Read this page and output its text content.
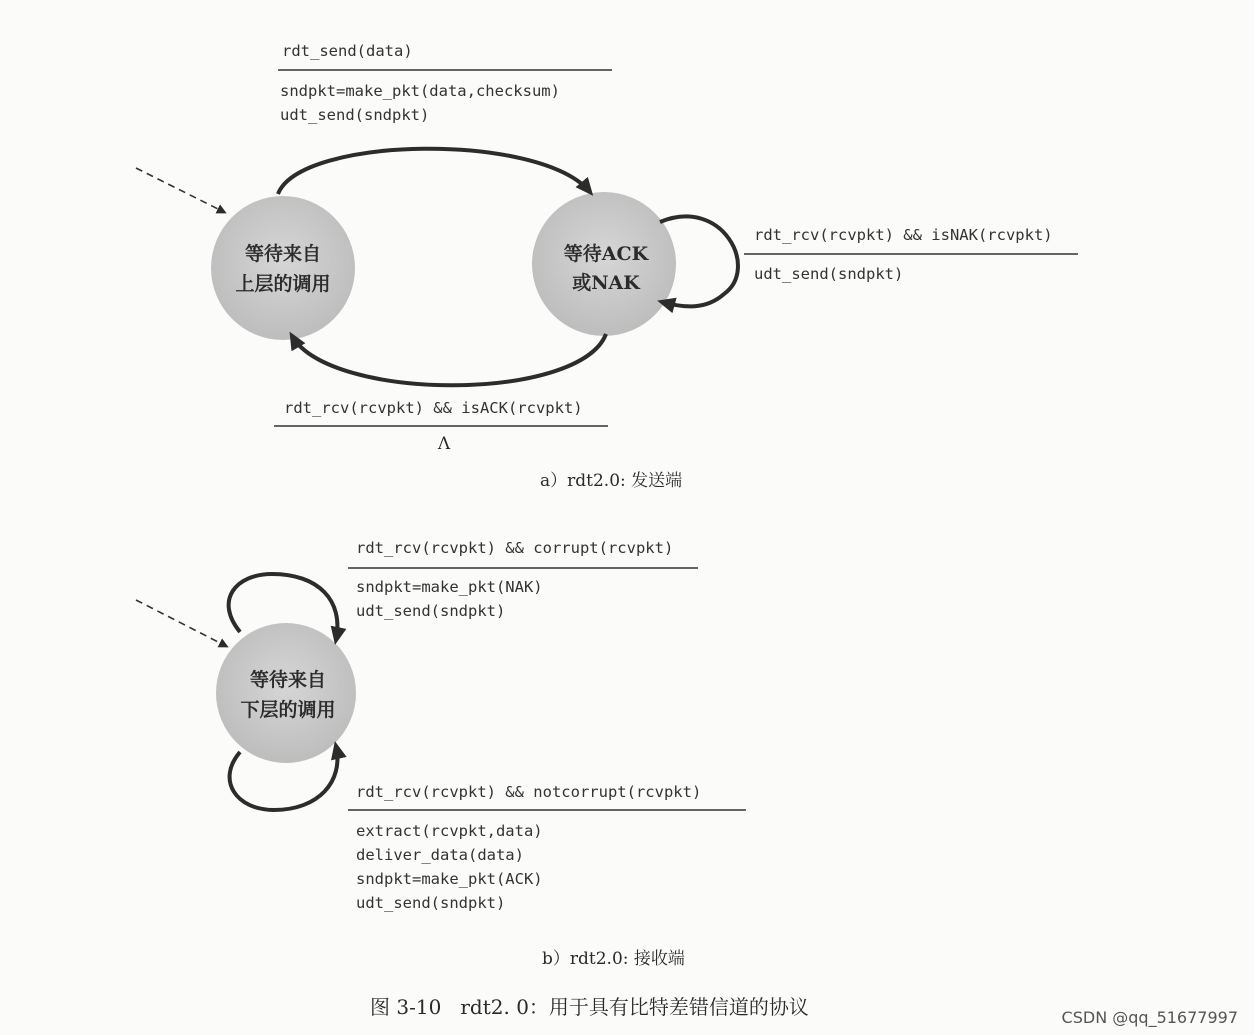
rdt_send(data)
sndpkt=make_pkt(data,checksum)
udt_send(sndpkt)
等待来自
上层的调用
等待ACK
或NAK
rdt_rcv(rcvpkt) && isNAK(rcvpkt)
udt_send(sndpkt)
rdt_rcv(rcvpkt) && isACK(rcvpkt)
Λ
a）rdt2.0: 发送端
rdt_rcv(rcvpkt) && corrupt(rcvpkt)
sndpkt=make_pkt(NAK)
udt_send(sndpkt)
等待来自
下层的调用
rdt_rcv(rcvpkt) && notcorrupt(rcvpkt)
extract(rcvpkt,data)
deliver_data(data)
sndpkt=make_pkt(ACK)
udt_send(sndpkt)
b）rdt2.0: 接收端
图 3-10   rdt2. 0：用于具有比特差错信道的协议	CSDN @qq_51677997
